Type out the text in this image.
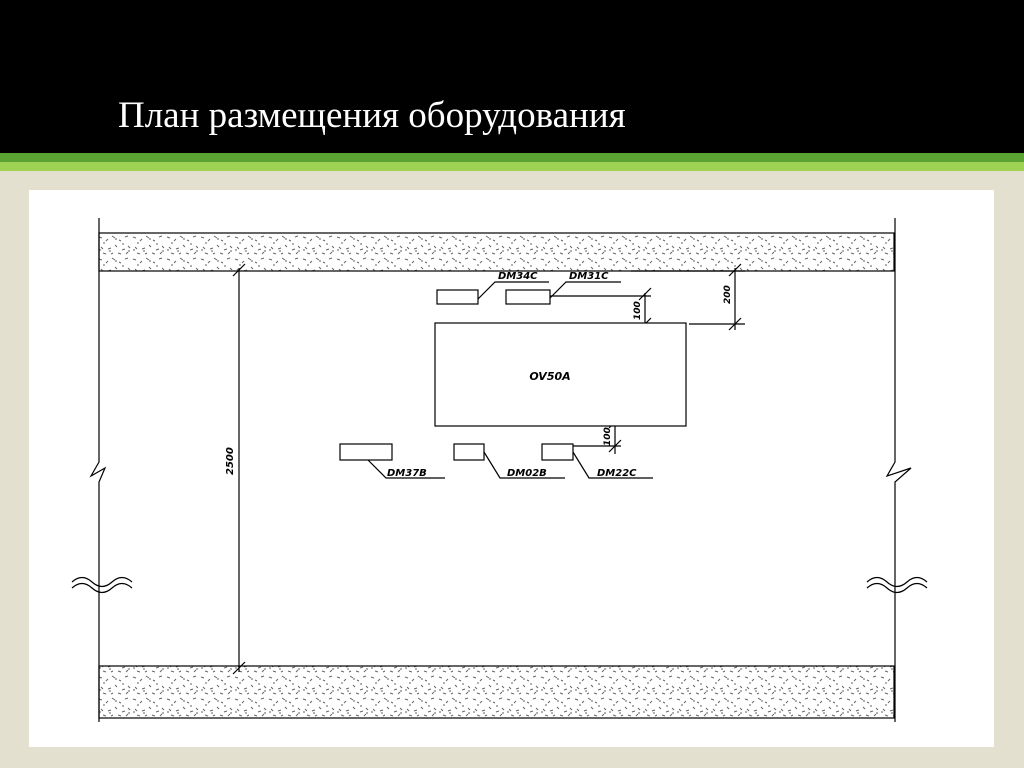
План размещения оборудования
2500
200
100
100
OV50A
DM34C	DM31C
DM37B	DM02B	DM22C
